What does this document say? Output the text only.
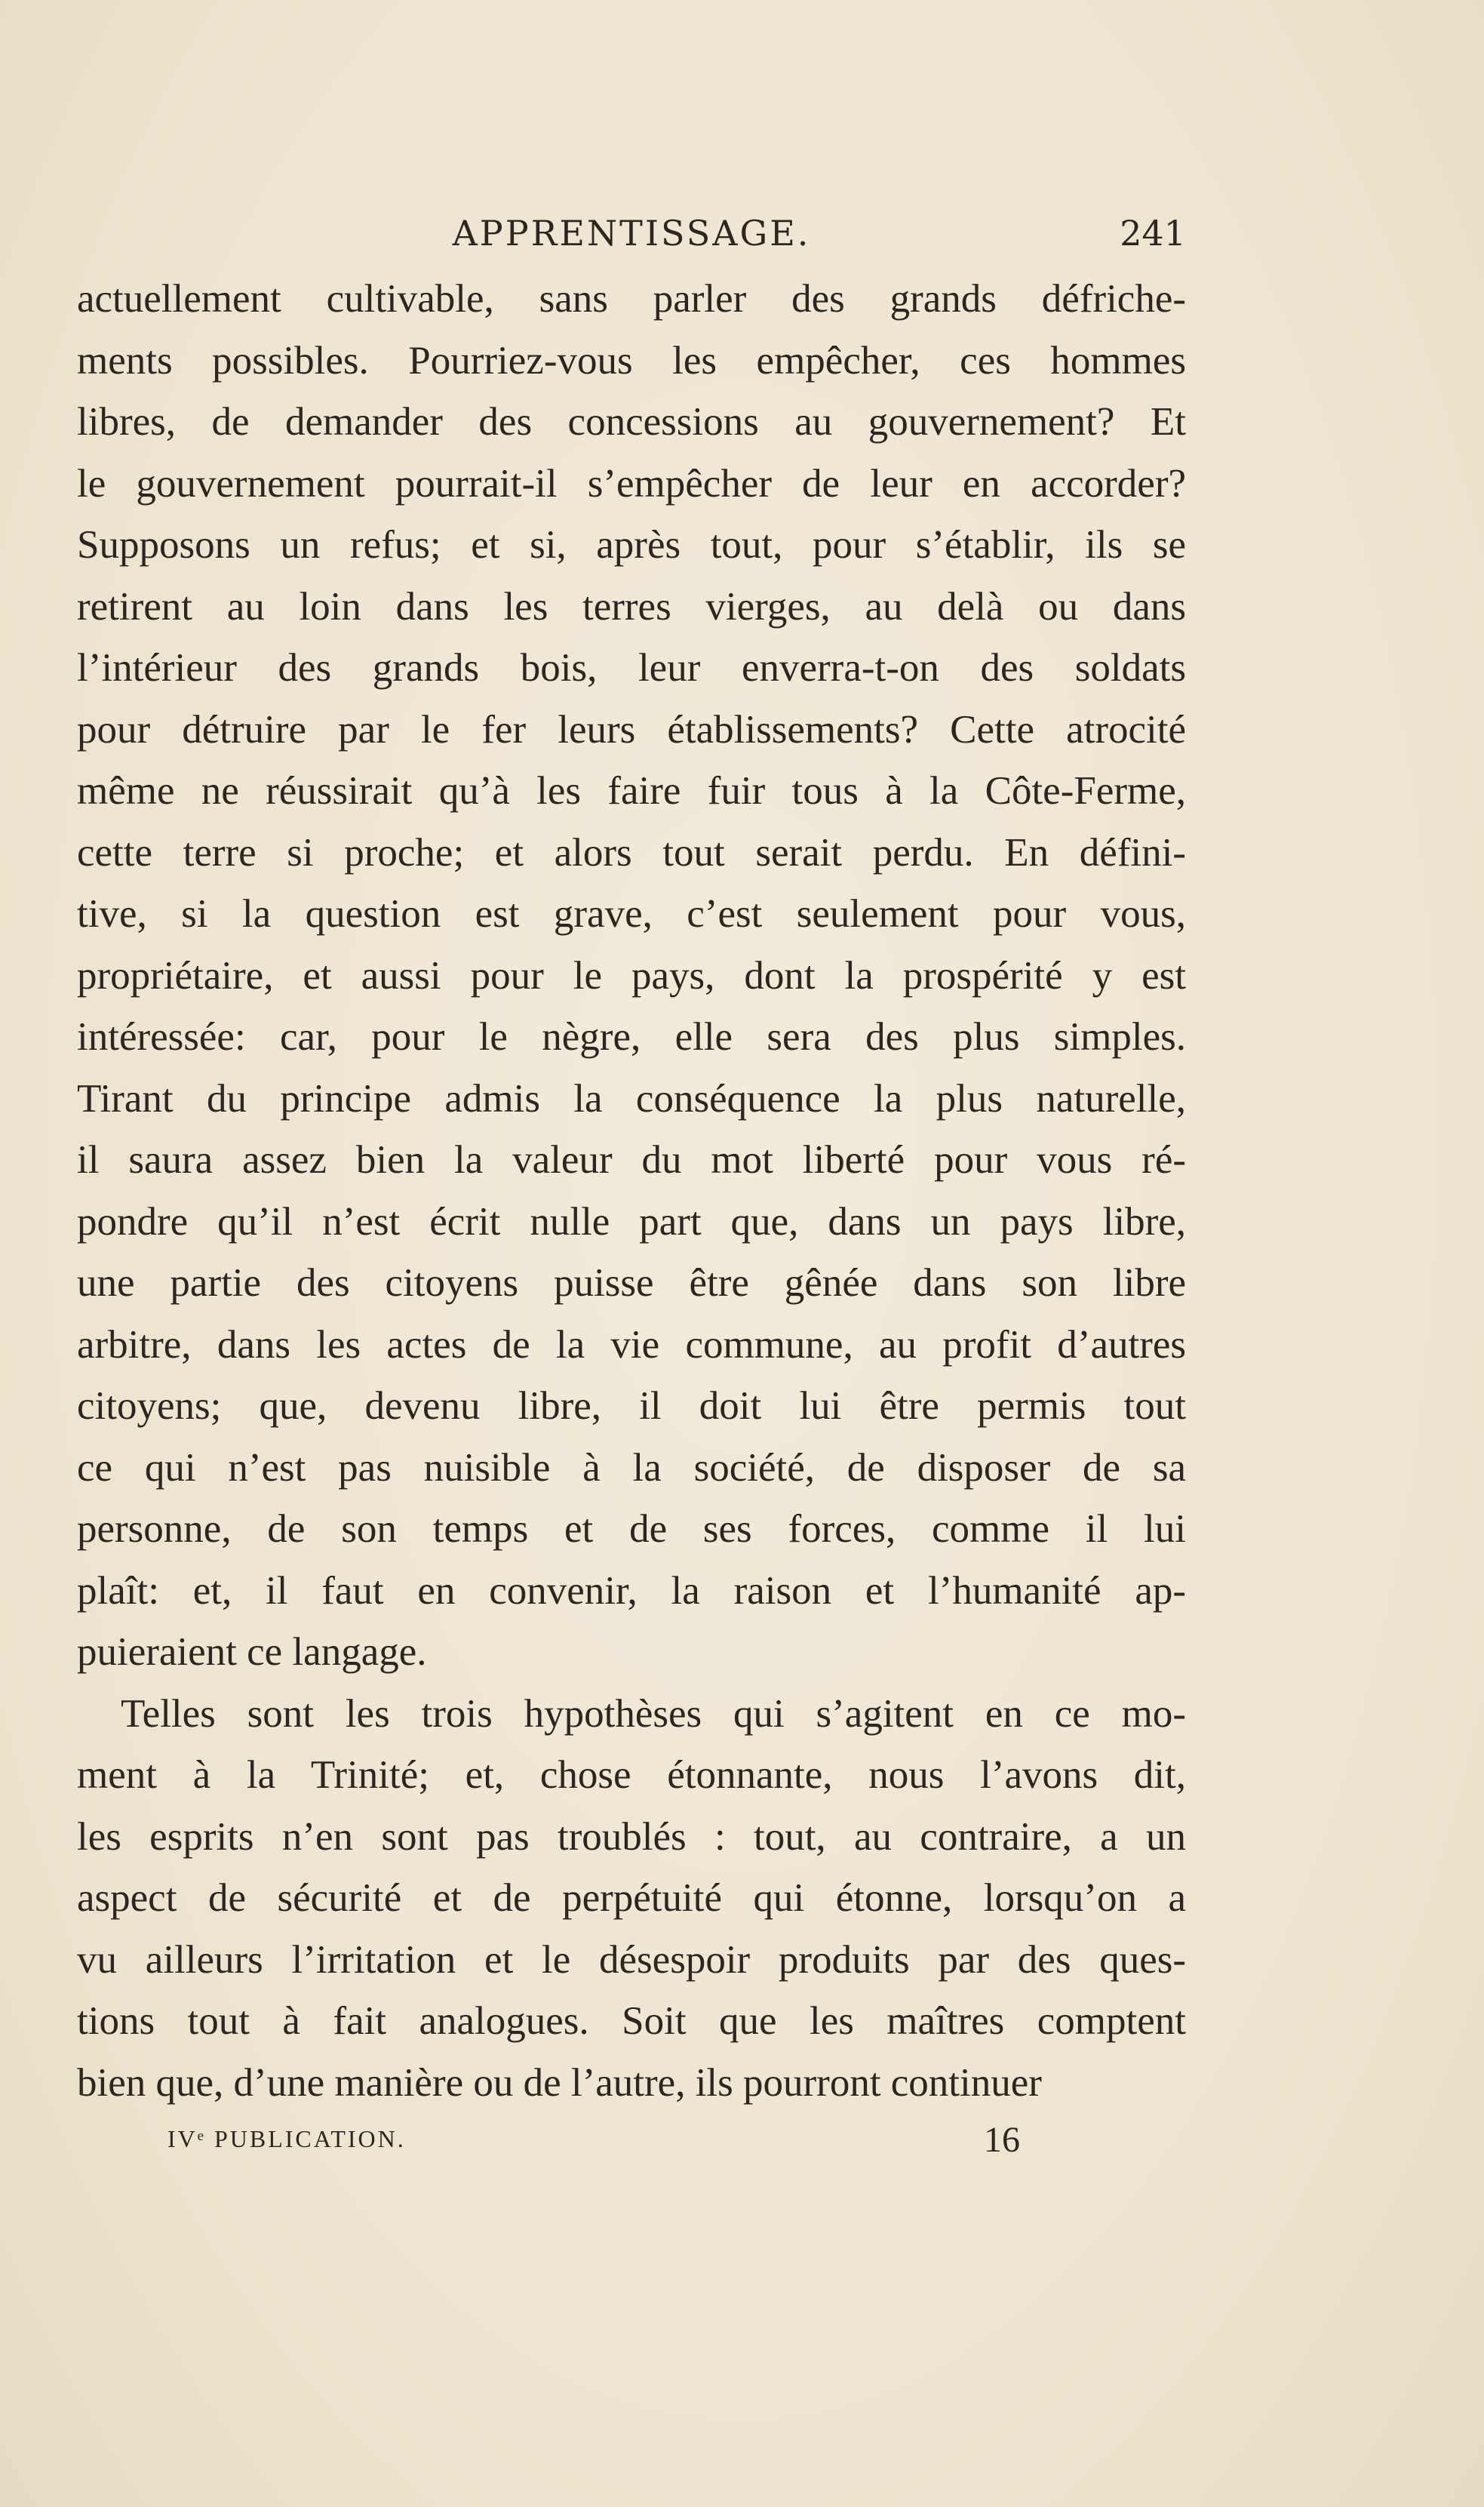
APPRENTISSAGE.	241
actuellement cultivable, sans parler des grands défriche-
ments possibles. Pourriez-vous les empêcher, ces hommes
libres, de demander des concessions au gouvernement? Et
le gouvernement pourrait-il s’empêcher de leur en accorder?
Supposons un refus; et si, après tout, pour s’établir, ils se
retirent au loin dans les terres vierges, au delà ou dans
l’intérieur des grands bois, leur enverra-t-on des soldats
pour détruire par le fer leurs établissements? Cette atrocité
même ne réussirait qu’à les faire fuir tous à la Côte-Ferme,
cette terre si proche; et alors tout serait perdu. En défini-
tive, si la question est grave, c’est seulement pour vous,
propriétaire, et aussi pour le pays, dont la prospérité y est
intéressée: car, pour le nègre, elle sera des plus simples.
Tirant du principe admis la conséquence la plus naturelle,
il saura assez bien la valeur du mot liberté pour vous ré-
pondre qu’il n’est écrit nulle part que, dans un pays libre,
une partie des citoyens puisse être gênée dans son libre
arbitre, dans les actes de la vie commune, au profit d’autres
citoyens; que, devenu libre, il doit lui être permis tout
ce qui n’est pas nuisible à la société, de disposer de sa
personne, de son temps et de ses forces, comme il lui
plaît: et, il faut en convenir, la raison et l’humanité ap-
puieraient ce langage.
Telles sont les trois hypothèses qui s’agitent en ce mo-
ment à la Trinité; et, chose étonnante, nous l’avons dit,
les esprits n’en sont pas troublés : tout, au contraire, a un
aspect de sécurité et de perpétuité qui étonne, lorsqu’on a
vu ailleurs l’irritation et le désespoir produits par des ques-
tions tout à fait analogues. Soit que les maîtres comptent
bien que, d’une manière ou de l’autre, ils pourront continuer
IVᵉ PUBLICATION.	16
